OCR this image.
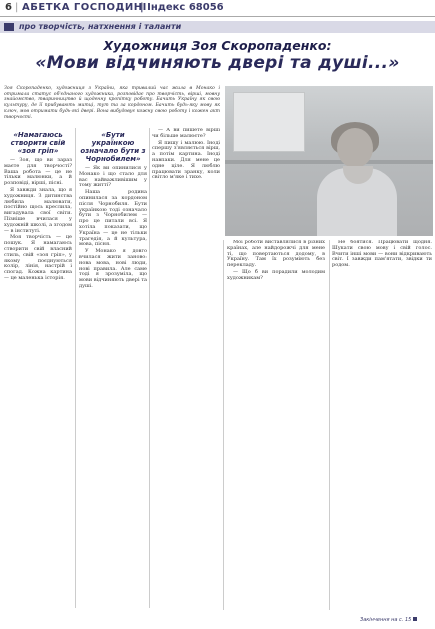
6 | АБЕТКА ГОСПОДИНІ
| Індекс 68056
про творчість, натхнення і таланти
Художниця Зоя Скоропаденко:
«Мови відчиняють двері та душі...»
Зоя Скоропаденко, художниця з України, яка тривалий час жила в Монако і отримала статус об'єднаного художника, розповідає про творчість, вірші, мовну знайомство, тваринництво й щоденну кропітку роботу. Бачить Україну як свою культуру, де її прибувають митці, тут та за кордоном. Бачить будь-яку мову як ключ, мов отримати будь-які двері. Вона вибудовує кожну свою роботу і кожен акт творчості.
«Намагаюсь створити свій «зоя гріп»

— Зоя, що ви зараз маєте для творчості? Ваша робота — це не тільки малюнки, а й розповіді, вірші, пісні.

Я завжди знала, що я художниця. З дитинства любила малювати, постійно щось креслила, вигадувала свої світи. Пізніше вчилася у художній школі, а згодом — в інституті.

Моя творчість — це пошук. Я намагаюсь створити свій власний стиль, свій «зоя гріп», у якому поєднуються колір, лінія, настрій і спогад. Кожна картина — це маленька історія.

«Бути українкою означало бути з Чорнобилем»

— Як ви опинилися у Монако і що стало для вас найважливішим у тому житті?

Наша родина опинилася за кордоном після Чорнобиля. Бути українкою тоді означало бути з Чорнобилем — про це питали всі. Я хотіла показати, що Україна — це не тільки трагедія, а й культура, мова, пісня.

У Монако я довго вчилася жити заново: нова мова, нові люди, нові правила. Але саме тоді я зрозуміла, що мови відчиняють двері та душі.

— А ви пишете вірші чи більше малюєте?

Я пишу і малюю. Іноді спершу з'являється вірш, а потім картина. Іноді навпаки. Для мене це одне ціле. Я люблю працювати зранку, коли світло м'яке і тихе.

Мої роботи виставлялися в різних країнах, але найдорожчі для мене ті, що повертаються додому, в Україну. Там їх розуміють без перекладу.

— Що б ви порадили молодим художникам?

Не боятися. Працювати щодня. Шукати свою мову і свій голос. Вчити інші мови — вони відкривають світ. І завжди пам'ятати, звідки ти родом.

Закінчення на с. 15
